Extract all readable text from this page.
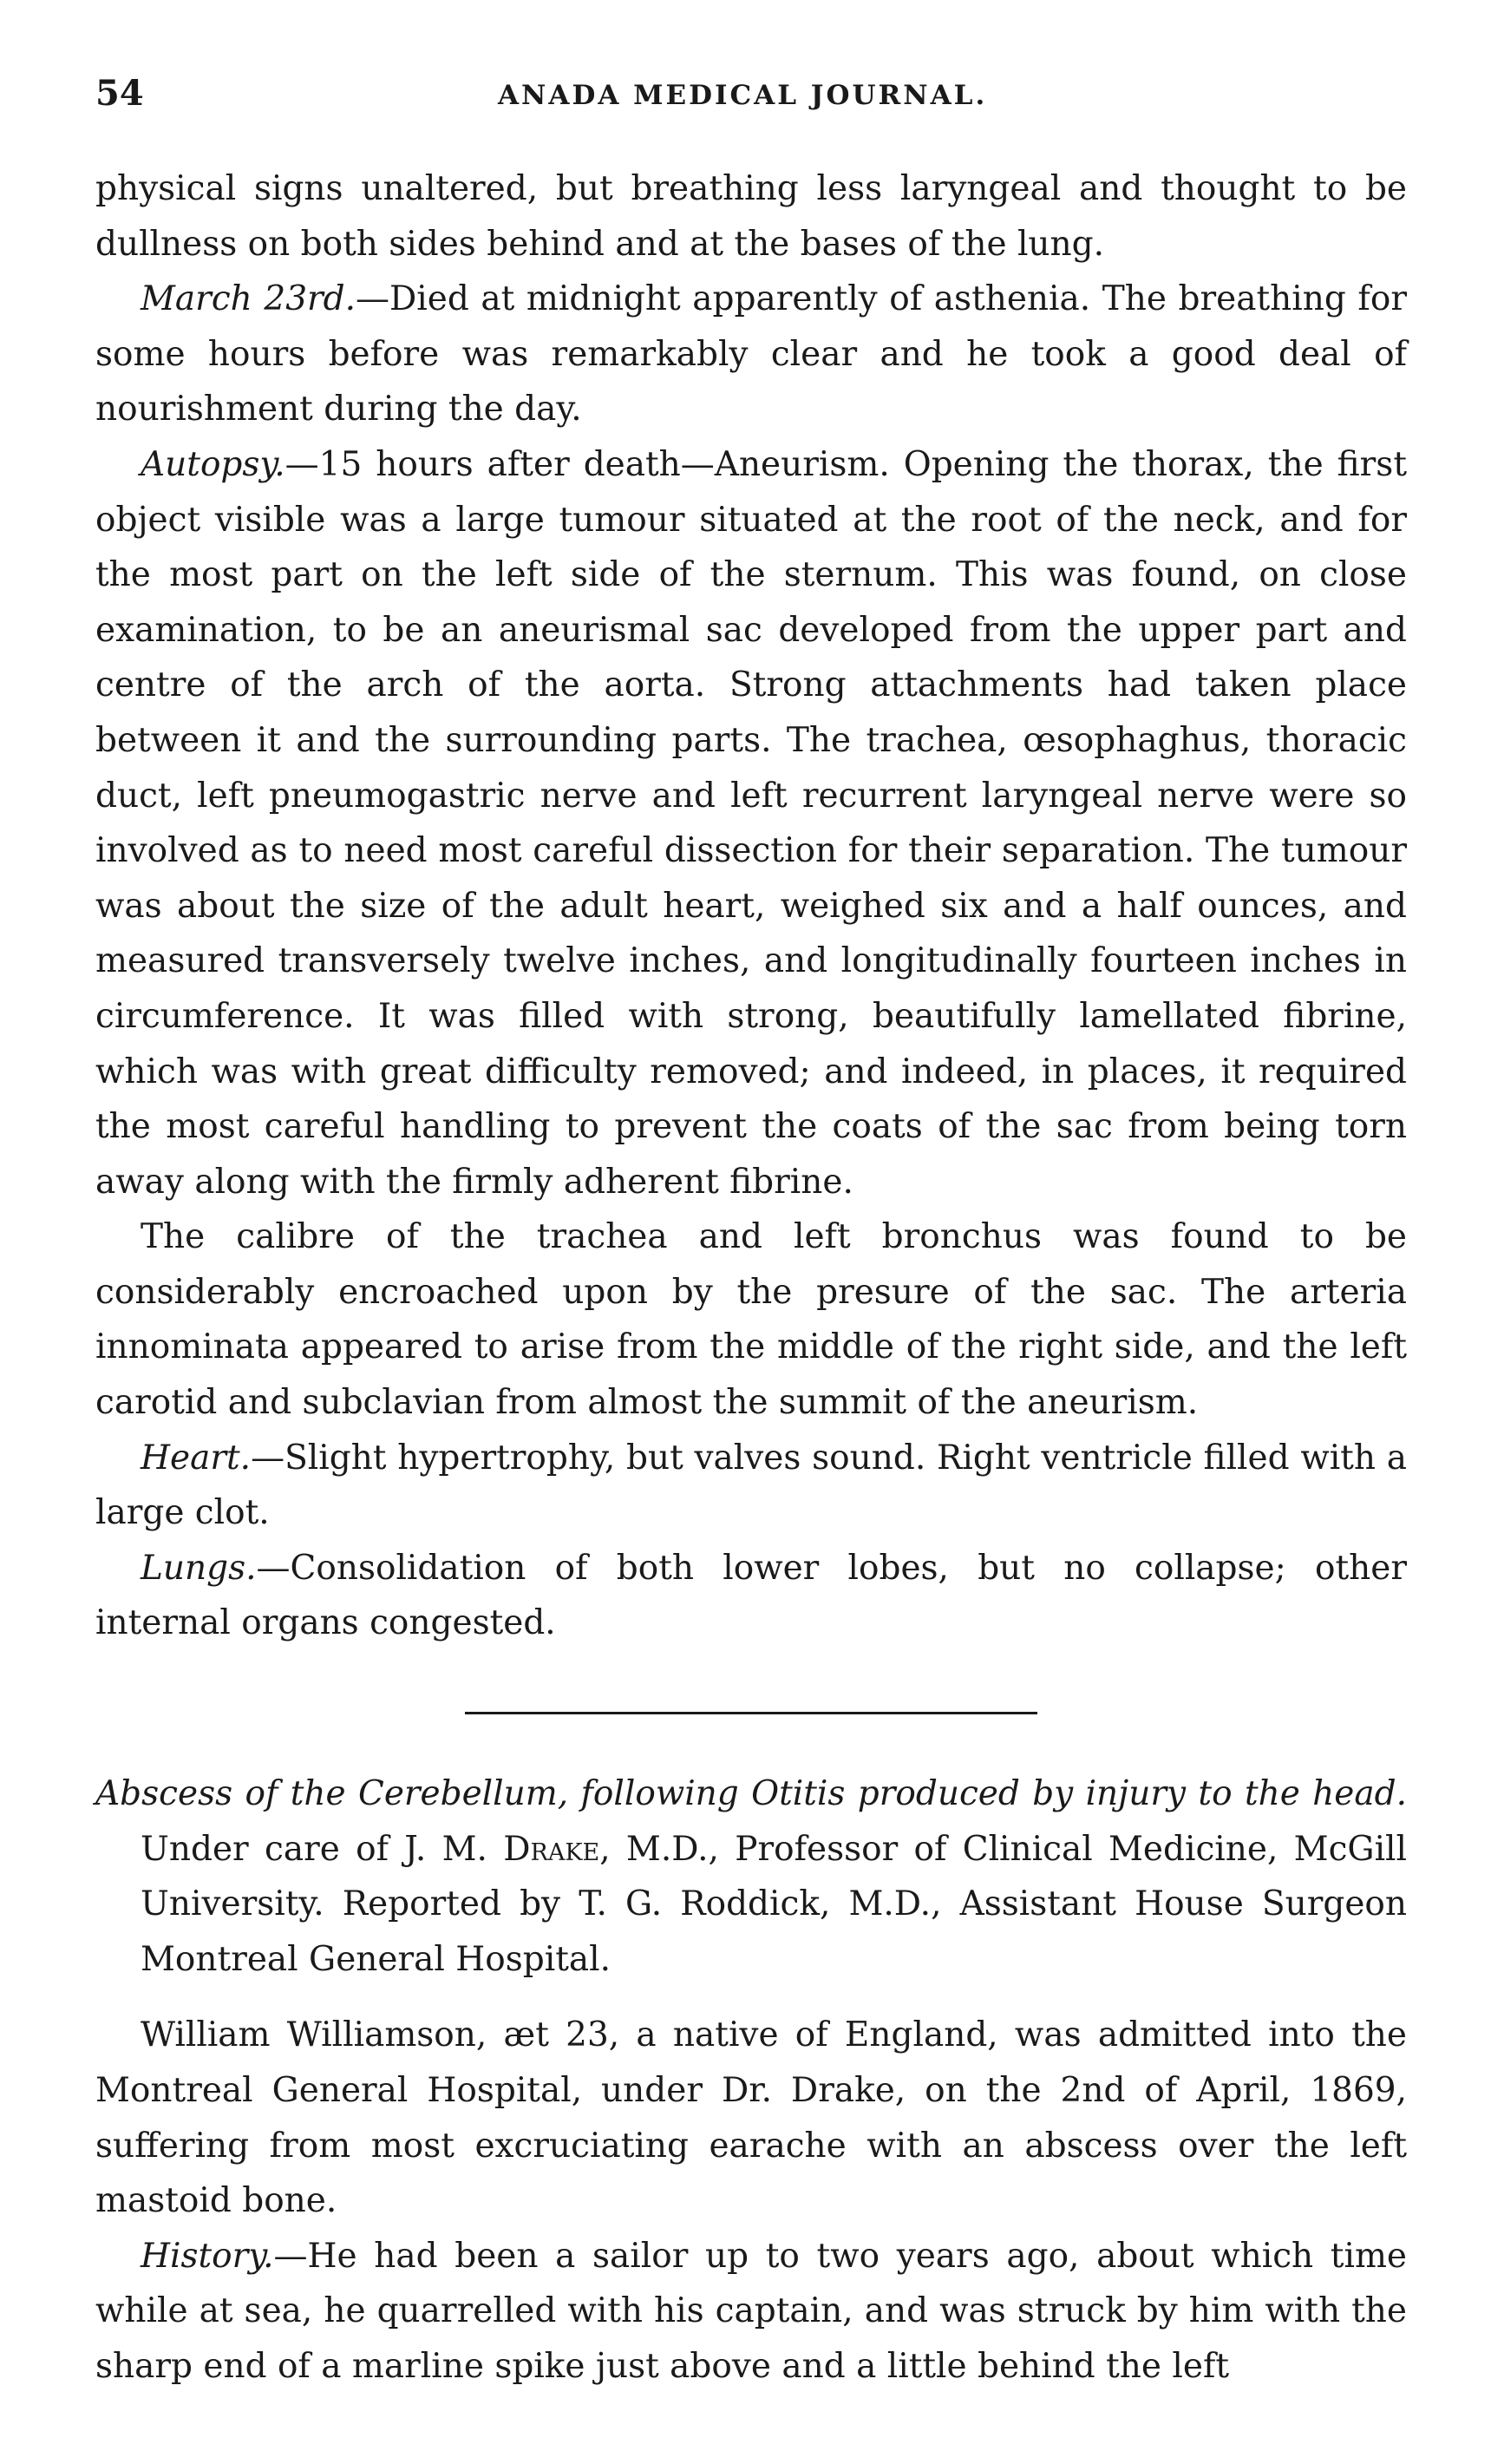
54	ANADA MEDICAL JOURNAL.

physical signs unaltered, but breathing less laryngeal and thought to be dullness on both sides behind and at the bases of the lung.

March 23rd.—Died at midnight apparently of asthenia. The breathing for some hours before was remarkably clear and he took a good deal of nourishment during the day.

Autopsy.—15 hours after death—Aneurism. Opening the thorax, the first object visible was a large tumour situated at the root of the neck, and for the most part on the left side of the sternum. This was found, on close examination, to be an aneurismal sac developed from the upper part and centre of the arch of the aorta. Strong attachments had taken place between it and the surrounding parts. The trachea, œsophaghus, thoracic duct, left pneumogastric nerve and left recurrent laryngeal nerve were so involved as to need most careful dissection for their separation. The tumour was about the size of the adult heart, weighed six and a half ounces, and measured transversely twelve inches, and longitudinally fourteen inches in circumference. It was filled with strong, beautifully lamellated fibrine, which was with great difficulty removed; and indeed, in places, it required the most careful handling to prevent the coats of the sac from being torn away along with the firmly adherent fibrine.

The calibre of the trachea and left bronchus was found to be considerably encroached upon by the presure of the sac. The arteria innominata appeared to arise from the middle of the right side, and the left carotid and subclavian from almost the summit of the aneurism.

Heart.—Slight hypertrophy, but valves sound. Right ventricle filled with a large clot.

Lungs.—Consolidation of both lower lobes, but no collapse; other internal organs congested.

Abscess of the Cerebellum, following Otitis produced by injury to the head. Under care of J. M. Drake, M.D., Professor of Clinical Medicine, McGill University. Reported by T. G. Roddick, M.D., Assistant House Surgeon Montreal General Hospital.

William Williamson, æt 23, a native of England, was admitted into the Montreal General Hospital, under Dr. Drake, on the 2nd of April, 1869, suffering from most excruciating earache with an abscess over the left mastoid bone.

History.—He had been a sailor up to two years ago, about which time while at sea, he quarrelled with his captain, and was struck by him with the sharp end of a marline spike just above and a little behind the left
